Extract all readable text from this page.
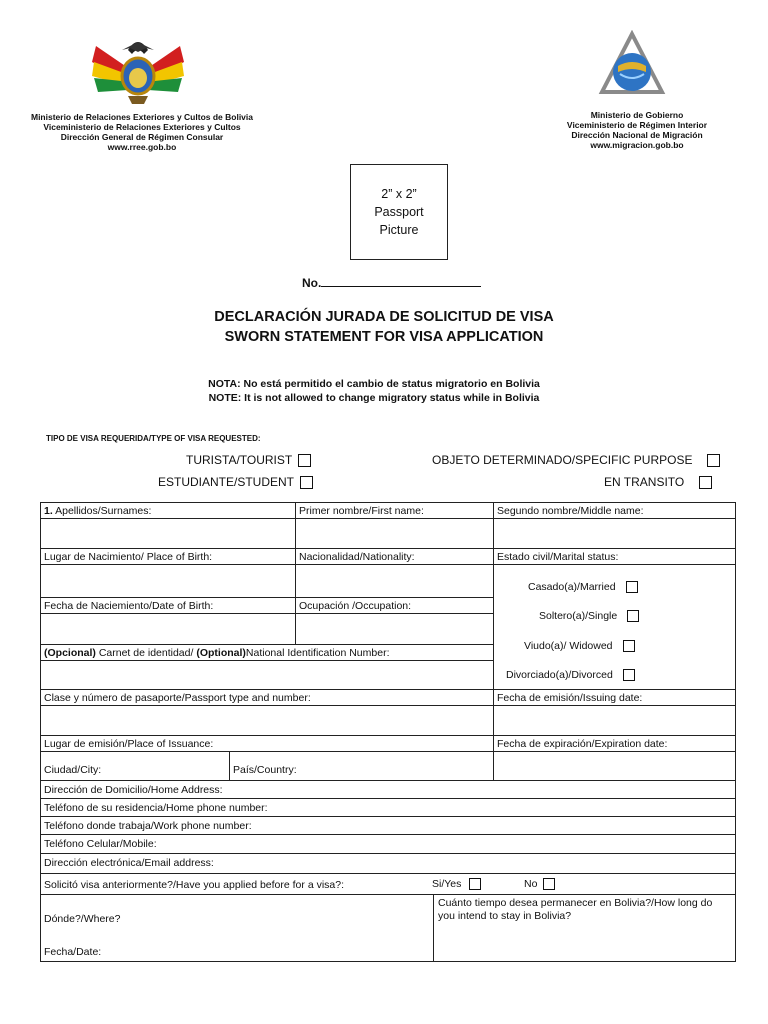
Ministerio de Relaciones Exteriores y Cultos de Bolivia
Viceministerio de Relaciones Exteriores y Cultos
Dirección General de Régimen Consular
www.rree.gob.bo
Ministerio de Gobierno
Viceministerio de Régimen Interior
Dirección Nacional de Migración
www.migracion.gob.bo
2” x 2”
Passport
Picture
No.
DECLARACIÓN JURADA DE SOLICITUD DE VISA
SWORN STATEMENT FOR VISA APPLICATION
NOTA: No está permitido el cambio de status migratorio en Bolivia
NOTE: It is not allowed to change migratory status while in Bolivia
TIPO DE VISA REQUERIDA/TYPE OF VISA REQUESTED:
TURISTA/TOURIST
ESTUDIANTE/STUDENT
OBJETO DETERMINADO/SPECIFIC PURPOSE
EN TRANSITO
1. Apellidos/Surnames:	Primer nombre/First name:	Segundo nombre/Middle name:
Lugar de Nacimiento/ Place of Birth:	Nacionalidad/Nationality:	Estado civil/Marital status:
Casado(a)/Married
Soltero(a)/Single
Viudo(a)/ Widowed
Divorciado(a)/Divorced
Fecha de Naciemiento/Date of Birth:	Ocupación /Occupation:
(Opcional) Carnet de identidad/ (Optional)National Identification Number:
Clase y número de pasaporte/Passport type and number:	Fecha de emisión/Issuing date:
Lugar de emisión/Place of Issuance:	Fecha de expiración/Expiration date:
Ciudad/City:	País/Country:
Dirección de Domicilio/Home Address:
Teléfono de su residencia/Home phone number:
Teléfono donde trabaja/Work phone number:
Teléfono Celular/Mobile:
Dirección electrónica/Email address:
Solicitó visa anteriormente?/Have you applied before for a visa?:	Si/Yes	No
Dónde?/Where?
Fecha/Date:
Cuánto tiempo desea permanecer en Bolivia?/How long do you intend to stay in Bolivia?
